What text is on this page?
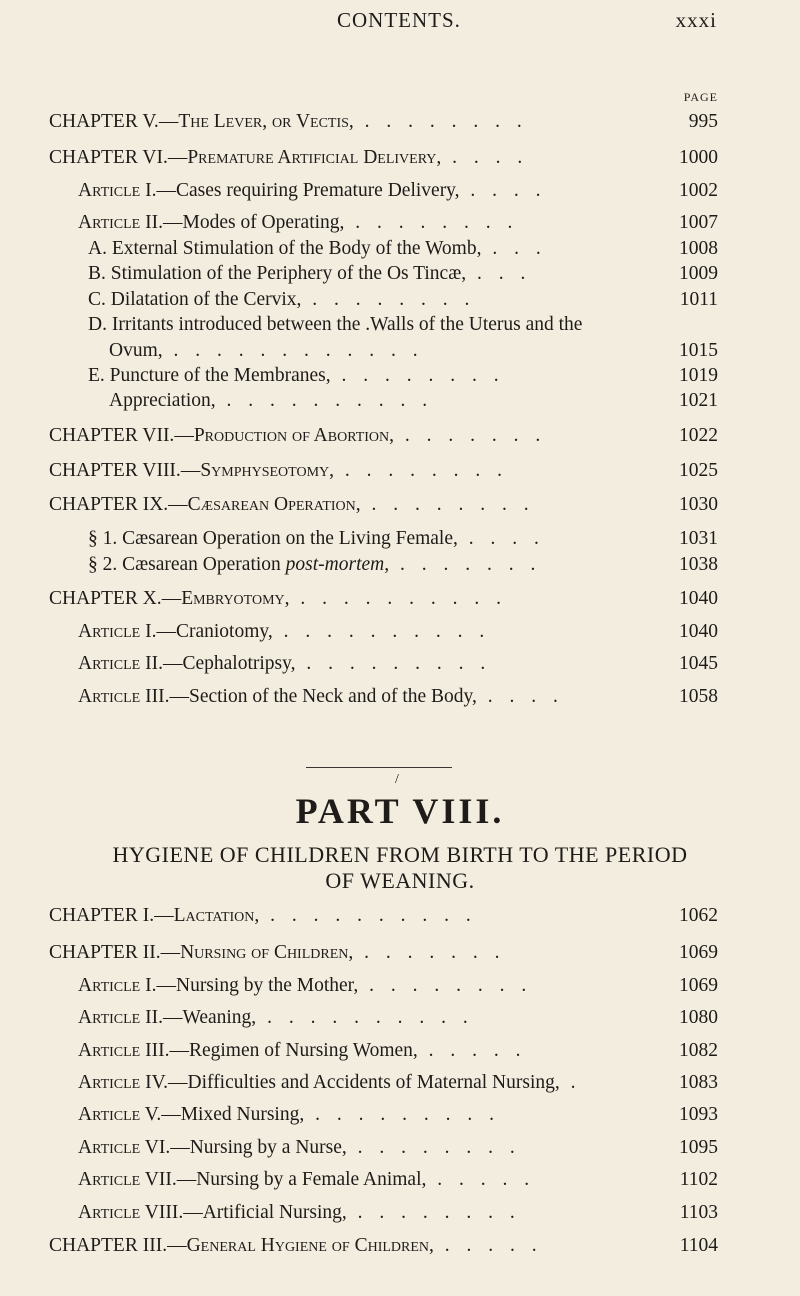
CONTENTS.	xxxi
PAGE
CHAPTER V.—The Lever, or Vectis, . . . . . . . .	995
CHAPTER VI.—Premature Artificial Delivery, . . . .	1000
Article I.—Cases requiring Premature Delivery, . . . .	1002
Article II.—Modes of Operating, . . . . . . . .	1007
A. External Stimulation of the Body of the Womb, . . .	1008
B. Stimulation of the Periphery of the Os Tincæ, . . .	1009
C. Dilatation of the Cervix, . . . . . . . .	1011
D. Irritants introduced between the .Walls of the Uterus and the
Ovum, . . . . . . . . . . . .	1015
E. Puncture of the Membranes, . . . . . . . .	1019
Appreciation, . . . . . . . . . .	1021
CHAPTER VII.—Production of Abortion, . . . . . . .	1022
CHAPTER VIII.—Symphyseotomy, . . . . . . . .	1025
CHAPTER IX.—Cæsarean Operation, . . . . . . . .	1030
§ 1. Cæsarean Operation on the Living Female, . . . .	1031
§ 2. Cæsarean Operation post-mortem, . . . . . . .	1038
CHAPTER X.—Embryotomy, . . . . . . . . . .	1040
Article I.—Craniotomy, . . . . . . . . . .	1040
Article II.—Cephalotripsy, . . . . . . . . .	1045
Article III.—Section of the Neck and of the Body, . . . .	1058
/
PART VIII.
HYGIENE OF CHILDREN FROM BIRTH TO THE PERIOD
OF WEANING.
CHAPTER I.—Lactation, . . . . . . . . . .	1062
CHAPTER II.—Nursing of Children, . . . . . . .	1069
Article I.—Nursing by the Mother, . . . . . . . .	1069
Article II.—Weaning, . . . . . . . . . .	1080
Article III.—Regimen of Nursing Women, . . . . .	1082
Article IV.—Difficulties and Accidents of Maternal Nursing, .	1083
Article V.—Mixed Nursing, . . . . . . . . .	1093
Article VI.—Nursing by a Nurse, . . . . . . . .	1095
Article VII.—Nursing by a Female Animal, . . . . .	1102
Article VIII.—Artificial Nursing, . . . . . . . .	1103
CHAPTER III.—General Hygiene of Children, . . . . .	1104
